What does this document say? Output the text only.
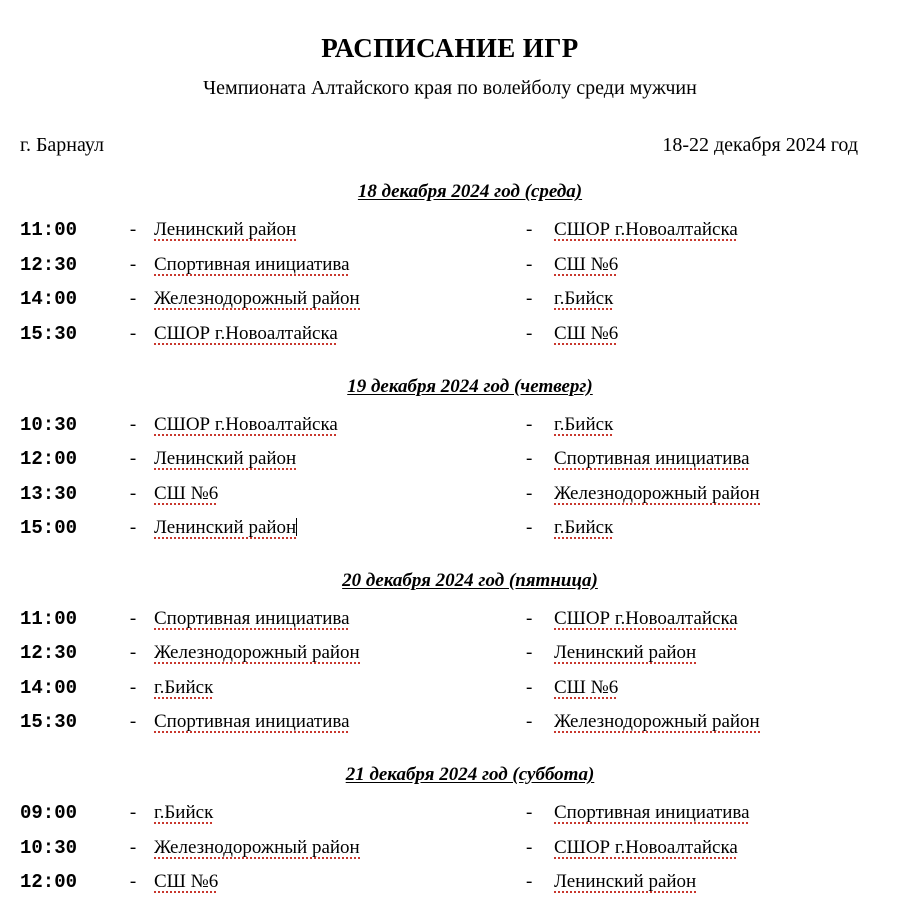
РАСПИСАНИЕ ИГР
Чемпионата Алтайского края по волейболу среди мужчин
г. Барнаул	18-22 декабря 2024 год
18 декабря 2024 год (среда)
11:00	-	Ленинский район	-	СШОР г.Новоалтайска
12:30	-	Спортивная инициатива	-	СШ №6
14:00	-	Железнодорожный район	-	г.Бийск
15:30	-	СШОР г.Новоалтайска	-	СШ №6
19 декабря 2024 год (четверг)
10:30	-	СШОР г.Новоалтайска	-	г.Бийск
12:00	-	Ленинский район	-	Спортивная инициатива
13:30	-	СШ №6	-	Железнодорожный район
15:00	-	Ленинский район	-	г.Бийск
20 декабря 2024 год (пятница)
11:00	-	Спортивная инициатива	-	СШОР г.Новоалтайска
12:30	-	Железнодорожный район	-	Ленинский район
14:00	-	г.Бийск	-	СШ №6
15:30	-	Спортивная инициатива	-	Железнодорожный район
21 декабря 2024 год (суббота)
09:00	-	г.Бийск	-	Спортивная инициатива
10:30	-	Железнодорожный район	-	СШОР г.Новоалтайска
12:00	-	СШ №6	-	Ленинский район
